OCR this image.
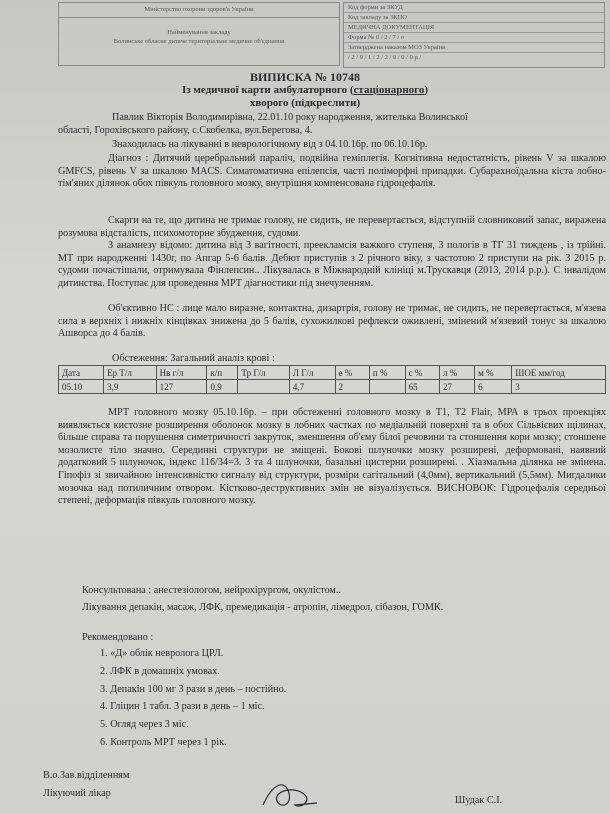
Міністерство охорони здоров'я України
Найменування закладу
Волинське обласне дитяче територіальне медичне об'єднання
Код форми за ЗКУД
Код закладу за ЗКПО
МЕДИЧНА ДОКУМЕНТАЦІЯ
Форма № 0 / 2 / 7 / о
Затверджена наказом МОЗ України
/ 2 / 9 / 1 / 2 / 2 / 0 / 0 / 0 р /
ВИПИСКА № 10748
Із медичної карти амбулаторного (стаціонарного)
хворого (підкреслити)
Павлик Вікторія Володимирівна, 22.01.10 року народження, жителька Волинської
області, Горохівського району, с.Скобелка, вул.Берегова, 4.
Знаходилась на лікуванні в неврологічному від з 04.10.16р. по 06.10.16р.
Діагноз : Дитячий церебральний параліч, подвійна геміплегія. Когнітивна недостатність, рівень V за шкалою GMFCS, рівень V за шкалою MACS. Симатоматична епілепсія, часті поліморфні припадки. Субарахноїдальна кіста лобно-тім'яних ділянок обох півкуль головного мозку, внутрішня компенсована гідроцефалія.
Скарги на те, що дитина не тримає голову, не сидить, не перевертається, відступній словниковий запас, виражена розумова відсталість, психомоторне збудження, судоми.
З анамнезу відомо: дитина від 3 вагітності, преекламсія важкого ступеня, 3 пологів в ТГ 31 тиждень , із трійні. МТ при народженні 1430г, по Апгар 5-6 балів. Дебют приступів з 2 річного віку, з частотою 2 приступи на рік. З 2015 р. судоми почастішали, отримувала Фінлепсин.. Лікувалась в Міжнародній клініці м.Трускавця (2013, 2014 р.р.). С інвалідом дитинства. Поступає для проведення МРТ діагностики під знечуленням.
Об'єктивно НС : лице мало виразне, контактна, дизартрія, голову не тримає, не сидить, не перевертається, м'язева сила в верхніх і нижніх кінцівках знижена до 5 балів, сухожилкові рефлекси оживлені, змінений м'язевий тонус за шкалою Ашворса до 4 балів.
Обстеження: Загальний аналіз крові :
Дата	Ер Т/л	Нв г/л	к/п	Тр Г/л	Л Г/л	е %	п %	с %	л %	м %	ШОЕ мм/год
05.10	3,9	127	0,9		4,7	2		65	27	6	3
МРТ головного мозку 05.10.16р. – при обстеженні головного мозку в Т1, Т2 Flair, МРА в трьох проекціях виявляється кистозне розширення оболонок мозку в лобних частках по медіальній поверхні та в обох Сільвієвих щілинах, більше справа та порушення симетричності закруток, зменшення об'єму білої речовини та стоншення кори мозку; стоншене мозолисте тіло значно. Серединні структури не зміщені. Бокові шлуночки мозку розширені, деформовані, наявний додатковий 5 шлуночок, індекс 116/34=3. 3 та 4 шлуночки, базальні цистерни розширені. . Хіазмальна ділянка не змінена. Гіпофіз зі звичайною інтенсивністю сигналу від структури, розміри сагітальний (4,0мм), вертикальний (5,5мм). Мигдалики мозочка над потиличним отвором. Кістково-деструктивних змін не візуалізується. ВИСНОВОК: Гідроцефалія середньої степені, деформація півкуль головного мозку.
Консультована : анестезіологом, нейрохірургом, окулістом..
Лікування депакін, масаж, ЛФК, премедикація - атропін, лімедрол, сібазон, ГОМК.
Рекомендовано :
1. «Д» облік невролога ЦРЛ.
2. ЛФК в домашніх умовах.
3. Депакін 100 мг 3 рази в день – постійно.
4. Гліцин 1 табл. 3 рази в день – 1 міс.
5. Огляд через 3 міс.
6. Контроль МРТ через 1 рік.
В.о.Зав.відділенням
Лікуючий лікар
Шудак С.І.
